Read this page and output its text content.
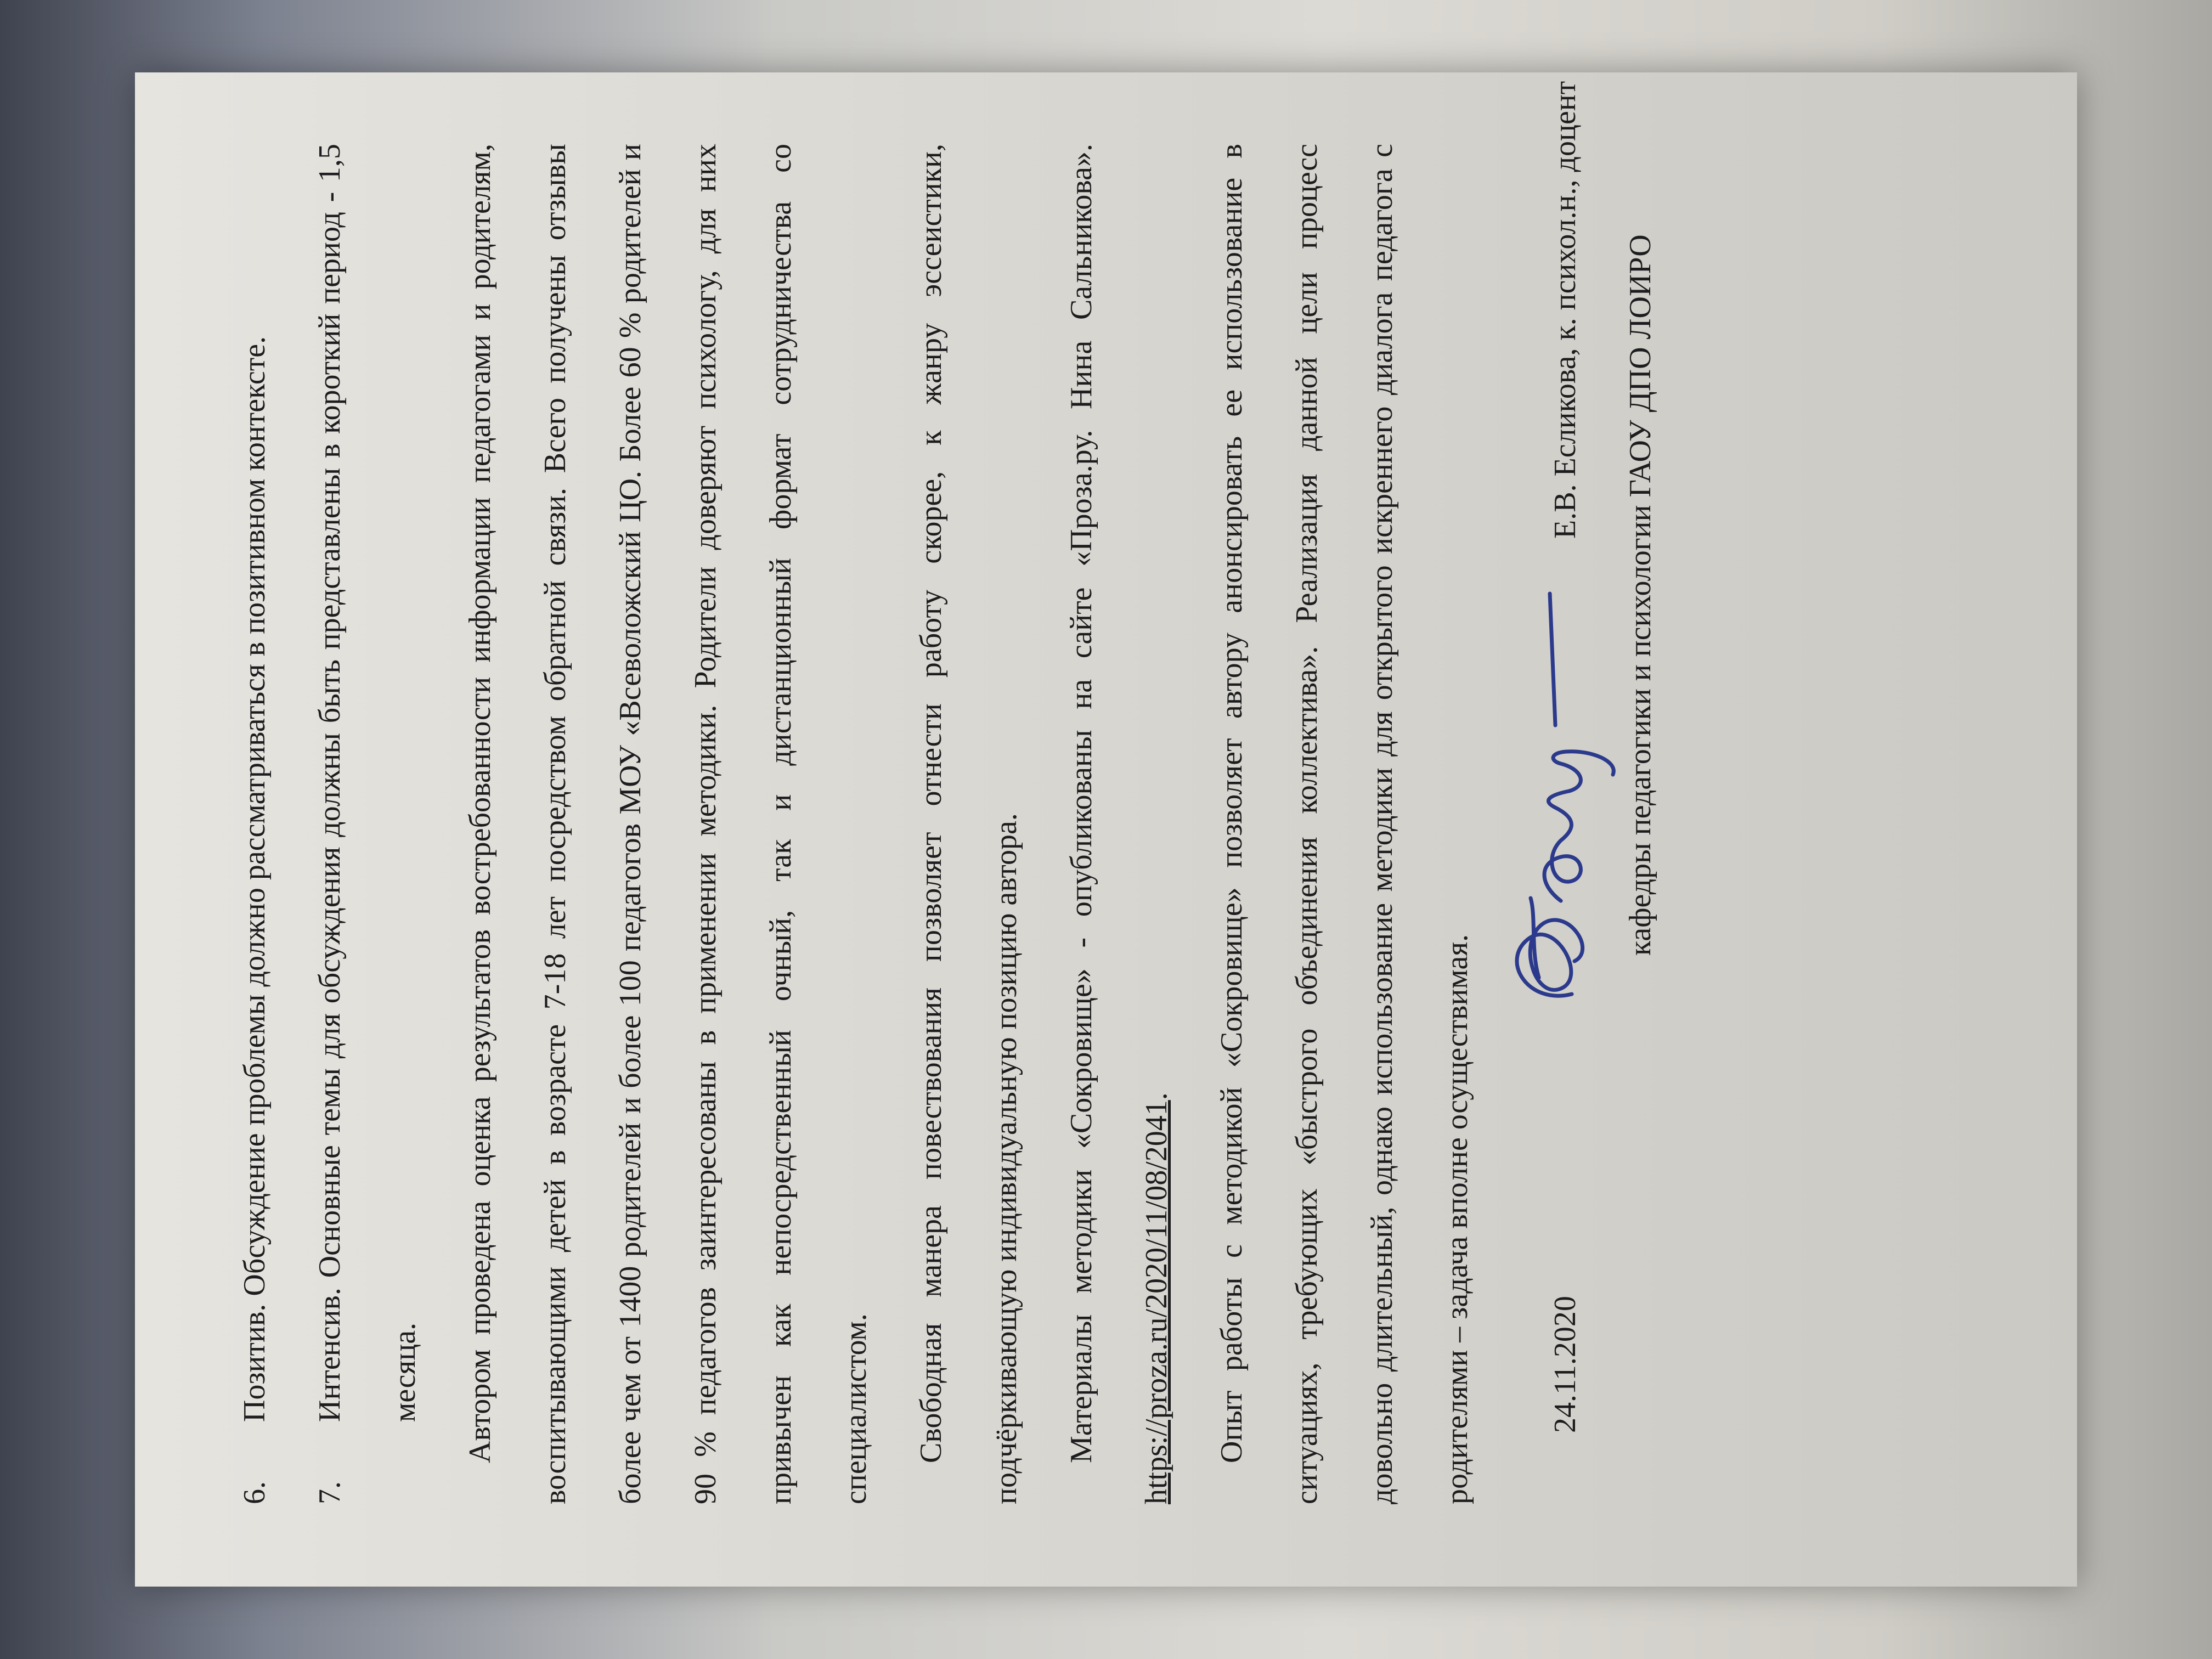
6.
Позитив. Обсуждение проблемы должно рассматриваться в позитивном контексте.
7.
Интенсив. Основные темы для обсуждения должны быть представлены в короткий период - 1,5 месяца.	Автором проведена оценка результатов востребованности информации педагогами и родителям, воспитывающими детей в возрасте 7-18 лет посредством обратной связи. Всего получены отзывы более чем от 1400 родителей и более 100 педагогов МОУ «Всеволожский ЦО. Более 60 % родителей и 90 % педагогов заинтересованы в применении методики. Родители доверяют психологу, для них привычен как непосредственный очный, так и дистанционный формат сотрудничества со специалистом.	Свободная манера повествования позволяет отнести работу скорее, к жанру эссеистики, подчёркивающую индивидуальную позицию автора.	Материалы методики «Сокровище» - опубликованы на сайте «Проза.ру. Нина Сальникова». https://proza.ru/2020/11/08/2041.	Опыт работы с методикой «Сокровище» позволяет автору анонсировать ее использование в ситуациях, требующих «быстрого объединения коллектива». Реализация данной цели процесс довольно длительный, однако использование методики для открытого искреннего диалога педагога с родителями – задача вполне осуществимая.	24.11.2020
Е.В. Есликова, к. психол.н., доцент	кафедры педагогики и психологии ГАОУ ДПО ЛОИРО
